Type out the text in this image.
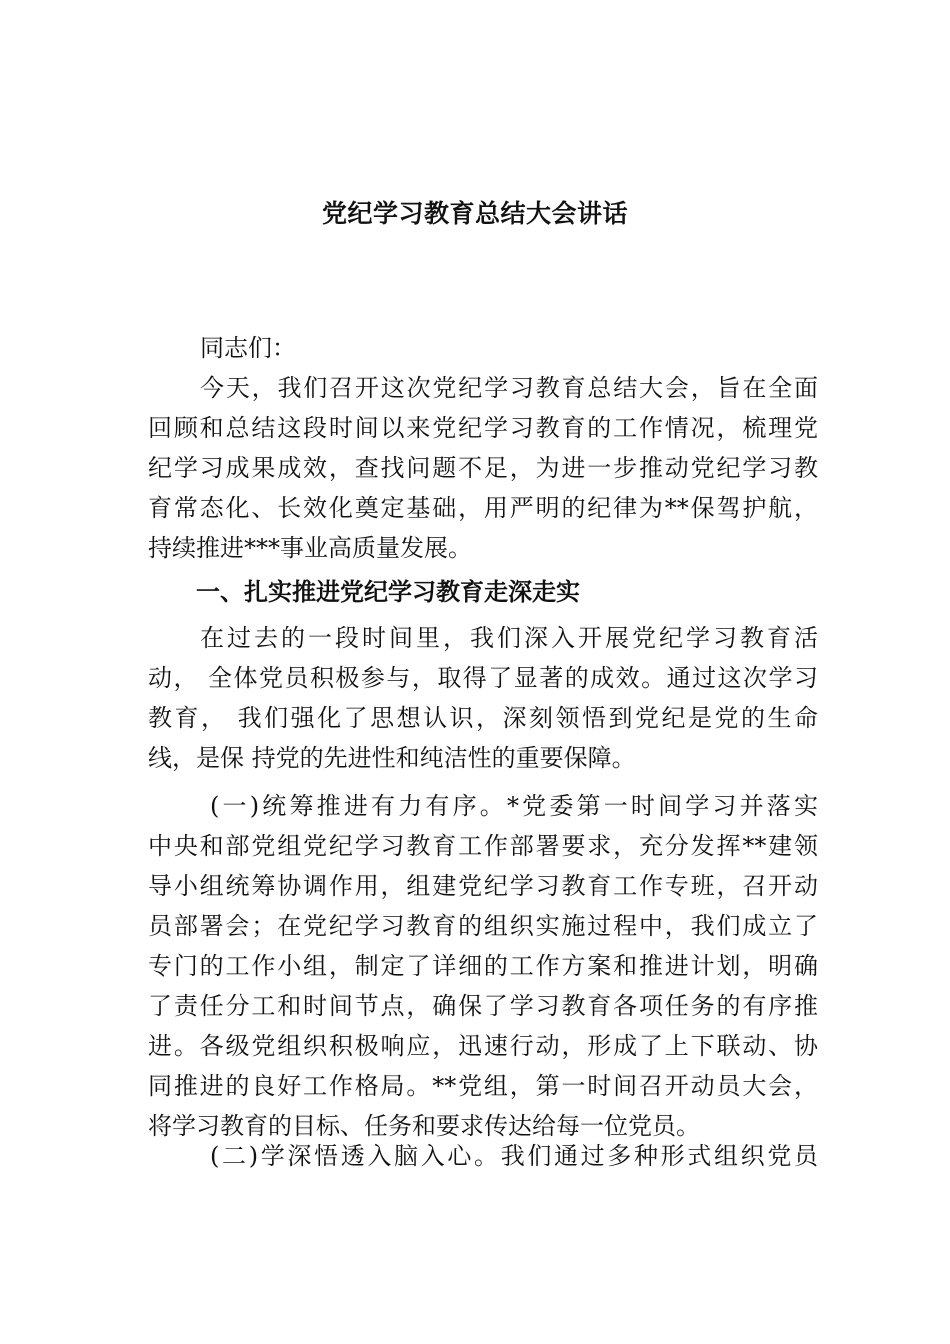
党纪学习教育总结大会讲话
同志们：
今天，我们召开这次党纪学习教育总结大会，旨在全面
回顾和总结这段时间以来党纪学习教育的工作情况，梳理党
纪学习成果成效，查找问题不足，为进一步推动党纪学习教
育常态化、长效化奠定基础，用严明的纪律为**保驾护航，
持续推进***事业高质量发展。
一、扎实推进党纪学习教育走深走实
在过去的一段时间里，我们深入开展党纪学习教育活
动， 全体党员积极参与，取得了显著的成效。通过这次学习
教育， 我们强化了思想认识，深刻领悟到党纪是党的生命
线，是保 持党的先进性和纯洁性的重要保障。
(一)统筹推进有力有序。*党委第一时间学习并落实
中央和部党组党纪学习教育工作部署要求，充分发挥**建领
导小组统筹协调作用，组建党纪学习教育工作专班，召开动
员部署会；在党纪学习教育的组织实施过程中，我们成立了
专门的工作小组，制定了详细的工作方案和推进计划，明确
了责任分工和时间节点，确保了学习教育各项任务的有序推
进。各级党组织积极响应，迅速行动，形成了上下联动、协
同推进的良好工作格局。**党组，第一时间召开动员大会，
将学习教育的目标、任务和要求传达给每一位党员。
(二)学深悟透入脑入心。我们通过多种形式组织党员
